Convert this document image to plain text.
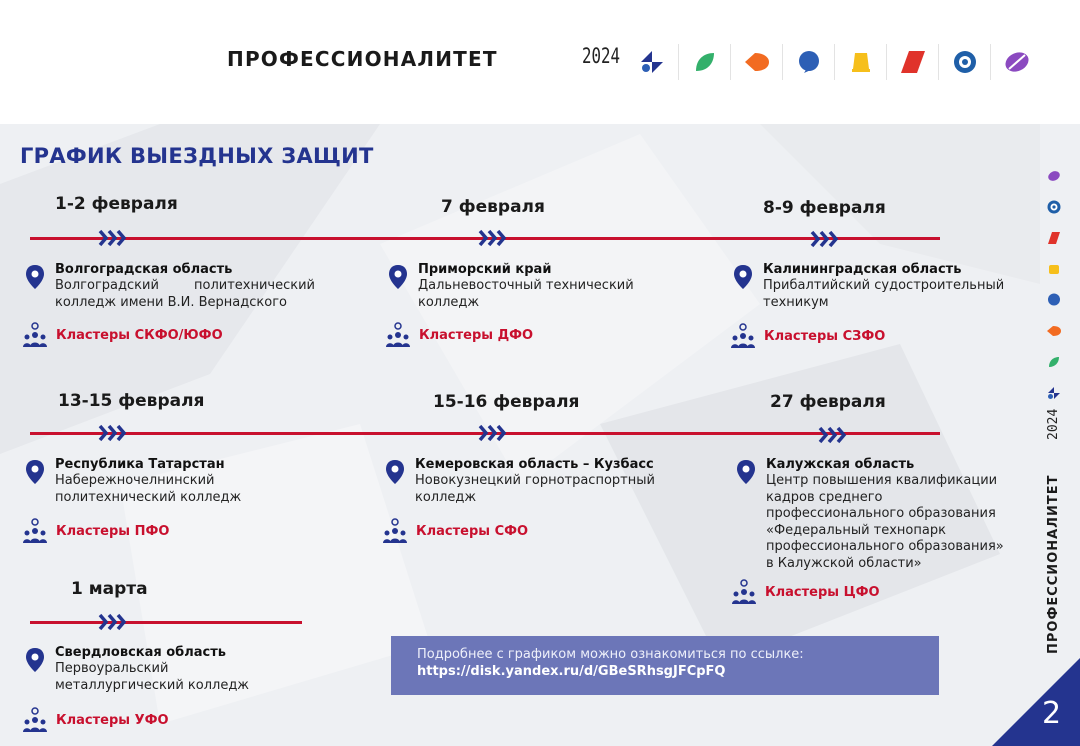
ПРОФЕССИОНАЛИТЕТ	2024
ГРАФИК ВЫЕЗДНЫХ ЗАЩИТ
1-2 февраля
Волгоградская область
Волгоградский политехнический
колледж имени В.И. Вернадского
Кластеры СКФО/ЮФО
7 февраля
Приморский край
Дальневосточный технический
колледж
Кластеры ДФО
8-9 февраля
Калининградская область
Прибалтийский судостроительный
техникум
Кластеры СЗФО
13-15 февраля
Республика Татарстан
Набережночелнинский
политехнический колледж
Кластеры ПФО
15-16 февраля
Кемеровская область – Кузбасс
Новокузнецкий горнотраспортный
колледж
Кластеры СФО
27 февраля
Калужская область
Центр повышения квалификации
кадров среднего
профессионального образования
«Федеральный технопарк
профессионального образования»
в Калужской области»
Кластеры ЦФО
1 марта
Свердловская область
Первоуральский
металлургический колледж
Кластеры УФО
Подробнее с графиком можно ознакомиться по ссылке:
https://disk.yandex.ru/d/GBeSRhsgJFCpFQ
2024
ПРОФЕССИОНАЛИТЕТ
2
